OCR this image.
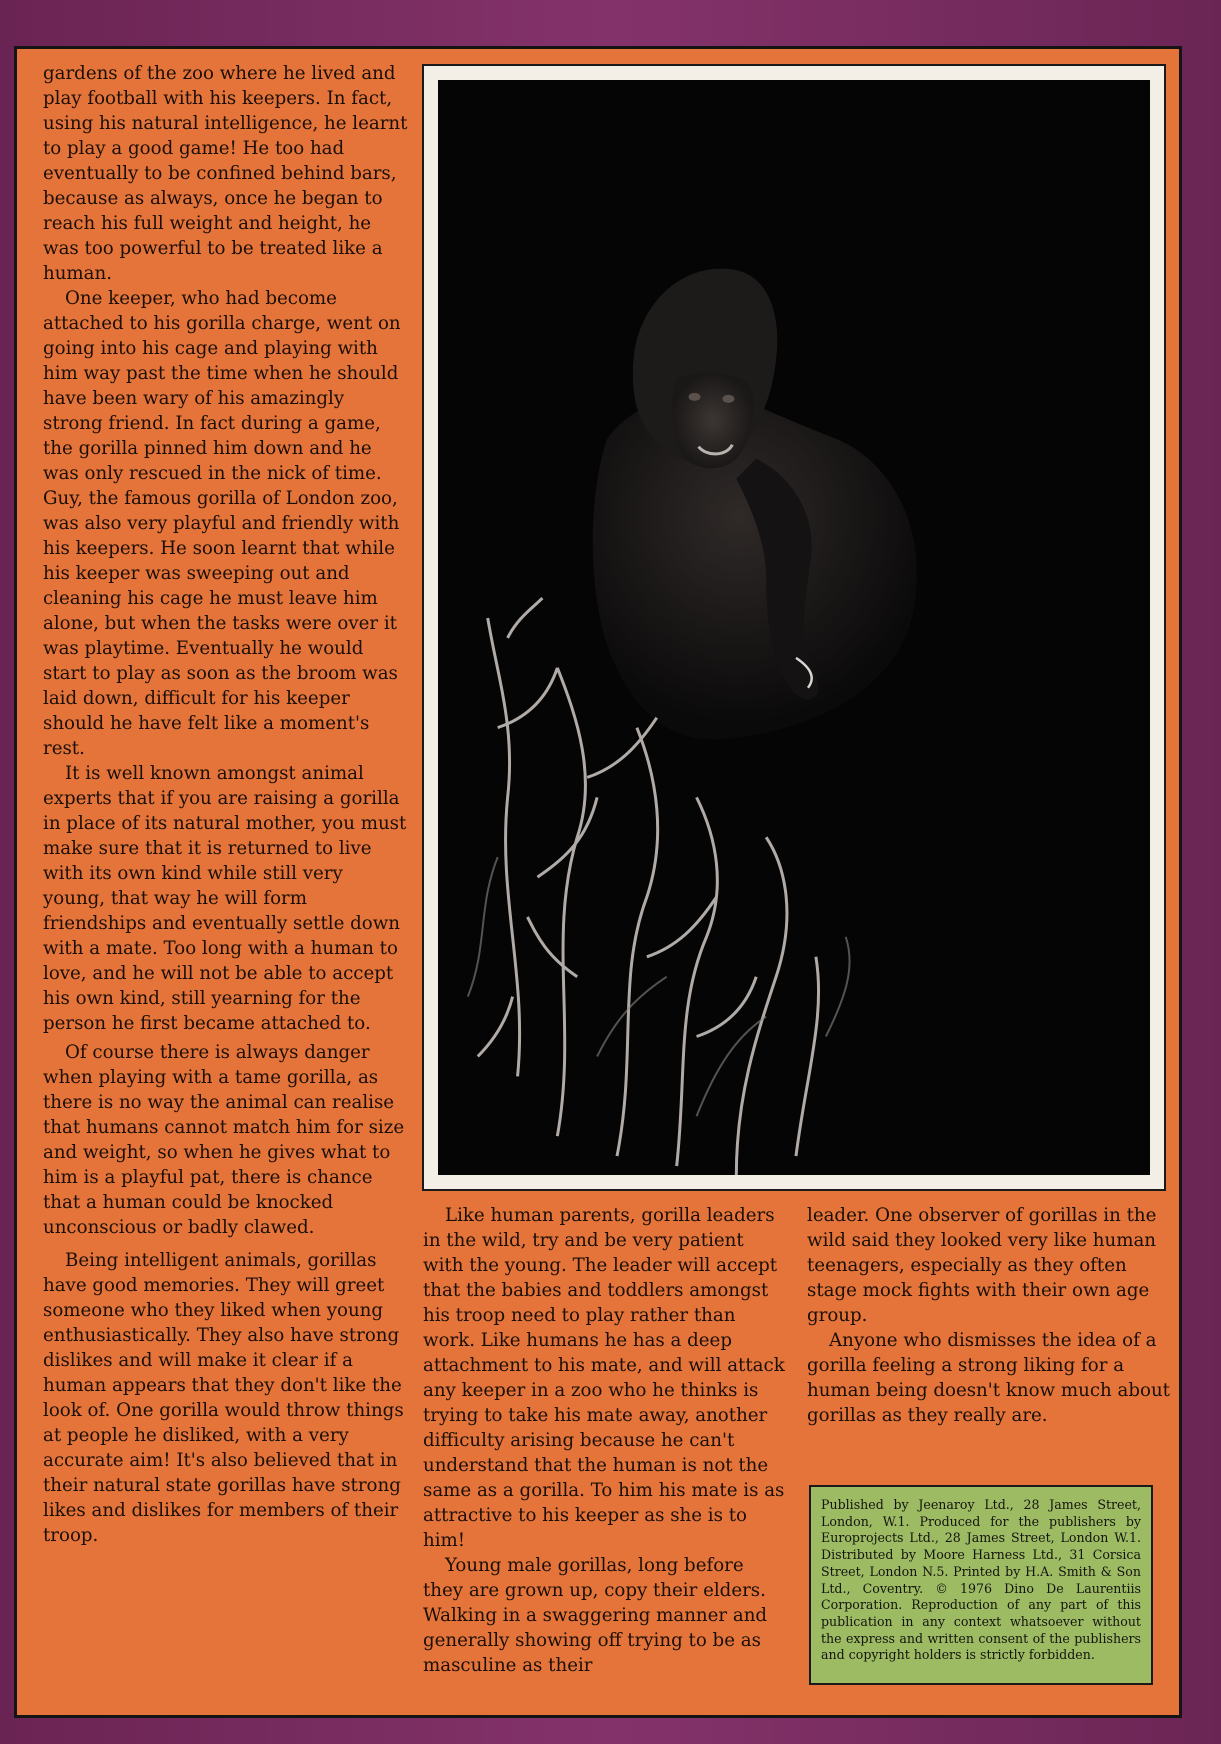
gardens of the zoo where he lived and play football with his keepers. In fact, using his natural intelligence, he learnt to play a good game! He too had eventually to be confined behind bars, because as always, once he began to reach his full weight and height, he was too powerful to be treated like a human.

One keeper, who had become attached to his gorilla charge, went on going into his cage and playing with him way past the time when he should have been wary of his amazingly strong friend. In fact during a game, the gorilla pinned him down and he was only rescued in the nick of time. Guy, the famous gorilla of London zoo, was also very playful and friendly with his keepers. He soon learnt that while his keeper was sweeping out and cleaning his cage he must leave him alone, but when the tasks were over it was playtime. Eventually he would start to play as soon as the broom was laid down, difficult for his keeper should he have felt like a moment's rest.

It is well known amongst animal experts that if you are raising a gorilla in place of its natural mother, you must make sure that it is returned to live with its own kind while still very young, that way he will form friendships and eventually settle down with a mate. Too long with a human to love, and he will not be able to accept his own kind, still yearning for the person he first became attached to.

Of course there is always danger when playing with a tame gorilla, as there is no way the animal can realise that humans cannot match him for size and weight, so when he gives what to him is a playful pat, there is chance that a human could be knocked unconscious or badly clawed.

Being intelligent animals, gorillas have good memories. They will greet someone who they liked when young enthusiastically. They also have strong dislikes and will make it clear if a human appears that they don't like the look of. One gorilla would throw things at people he disliked, with a very accurate aim! It's also believed that in their natural state gorillas have strong likes and dislikes for members of their troop.

Like human parents, gorilla leaders in the wild, try and be very patient with the young. The leader will accept that the babies and toddlers amongst his troop need to play rather than work. Like humans he has a deep attachment to his mate, and will attack any keeper in a zoo who he thinks is trying to take his mate away, another difficulty arising because he can't understand that the human is not the same as a gorilla. To him his mate is as attractive to his keeper as she is to him!

Young male gorillas, long before they are grown up, copy their elders. Walking in a swaggering manner and generally showing off trying to be as masculine as their

leader. One observer of gorillas in the wild said they looked very like human teenagers, especially as they often stage mock fights with their own age group.

Anyone who dismisses the idea of a gorilla feeling a strong liking for a human being doesn't know much about gorillas as they really are.

Published by Jeenaroy Ltd., 28 James Street, London, W.1. Produced for the publishers by Europrojects Ltd., 28 James Street, London W.1. Distributed by Moore Harness Ltd., 31 Corsica Street, London N.5. Printed by H.A. Smith & Son Ltd., Coventry. © 1976 Dino De Laurentiis Corporation. Reproduction of any part of this publication in any context whatsoever without the express and written consent of the publishers and copyright holders is strictly forbidden.
